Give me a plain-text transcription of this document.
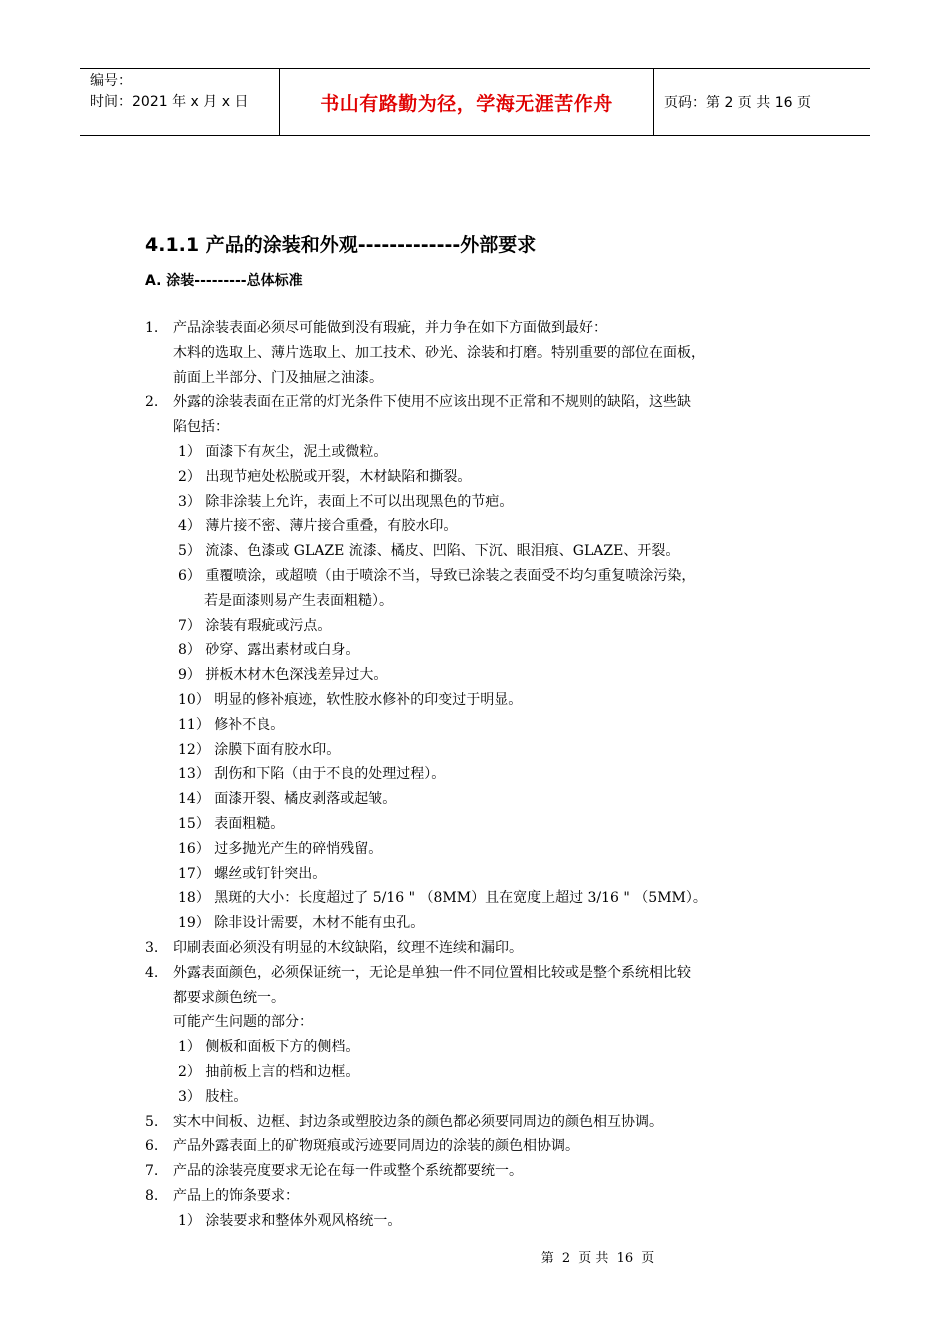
编号：
时间：2021 年 x 月 x 日	书山有路勤为径，学海无涯苦作舟	页码：第 2 页 共 16 页
4.1.1 产品的涂装和外观-------------外部要求
A. 涂装---------总体标准
1.	产品涂装表面必须尽可能做到没有瑕疵，并力争在如下方面做到最好：
木料的选取上、薄片选取上、加工技术、砂光、涂装和打磨。特别重要的部位在面板，
前面上半部分、门及抽屉之油漆。
2.	外露的涂装表面在正常的灯光条件下使用不应该出现不正常和不规则的缺陷，这些缺
陷包括：
1） 面漆下有灰尘，泥土或微粒。
2） 出现节疤处松脱或开裂，木材缺陷和撕裂。
3） 除非涂装上允许，表面上不可以出现黑色的节疤。
4） 薄片接不密、薄片接合重叠，有胶水印。
5） 流漆、色漆或 GLAZE 流漆、橘皮、凹陷、下沉、眼泪痕、GLAZE、开裂。
6） 重覆喷涂，或超喷（由于喷涂不当，导致已涂装之表面受不均匀重复喷涂污染，
若是面漆则易产生表面粗糙）。
7） 涂装有瑕疵或污点。
8） 砂穿、露出素材或白身。
9） 拼板木材木色深浅差异过大。
10） 明显的修补痕迹，软性胶水修补的印变过于明显。
11） 修补不良。
12） 涂膜下面有胶水印。
13） 刮伤和下陷（由于不良的处理过程）。
14） 面漆开裂、橘皮剥落或起皱。
15） 表面粗糙。
16） 过多抛光产生的碎悄残留。
17） 螺丝或钉针突出。
18） 黑斑的大小：长度超过了 5/16 " （8MM）且在宽度上超过 3/16 " （5MM）。
19） 除非设计需要，木材不能有虫孔。
3.	印刷表面必须没有明显的木纹缺陷，纹理不连续和漏印。
4.	外露表面颜色，必须保证统一，无论是单独一件不同位置相比较或是整个系统相比较
都要求颜色统一。
可能产生问题的部分：
1） 侧板和面板下方的侧档。
2） 抽前板上言的档和边框。
3） 肢柱。
5.	实木中间板、边框、封边条或塑胶边条的颜色都必须要同周边的颜色相互协调。
6.	产品外露表面上的矿物斑痕或污迹要同周边的涂装的颜色相协调。
7.	产品的涂装亮度要求无论在每一件或整个系统都要统一。
8.	产品上的饰条要求：
1） 涂装要求和整体外观风格统一。
第 2 页 共 16 页
